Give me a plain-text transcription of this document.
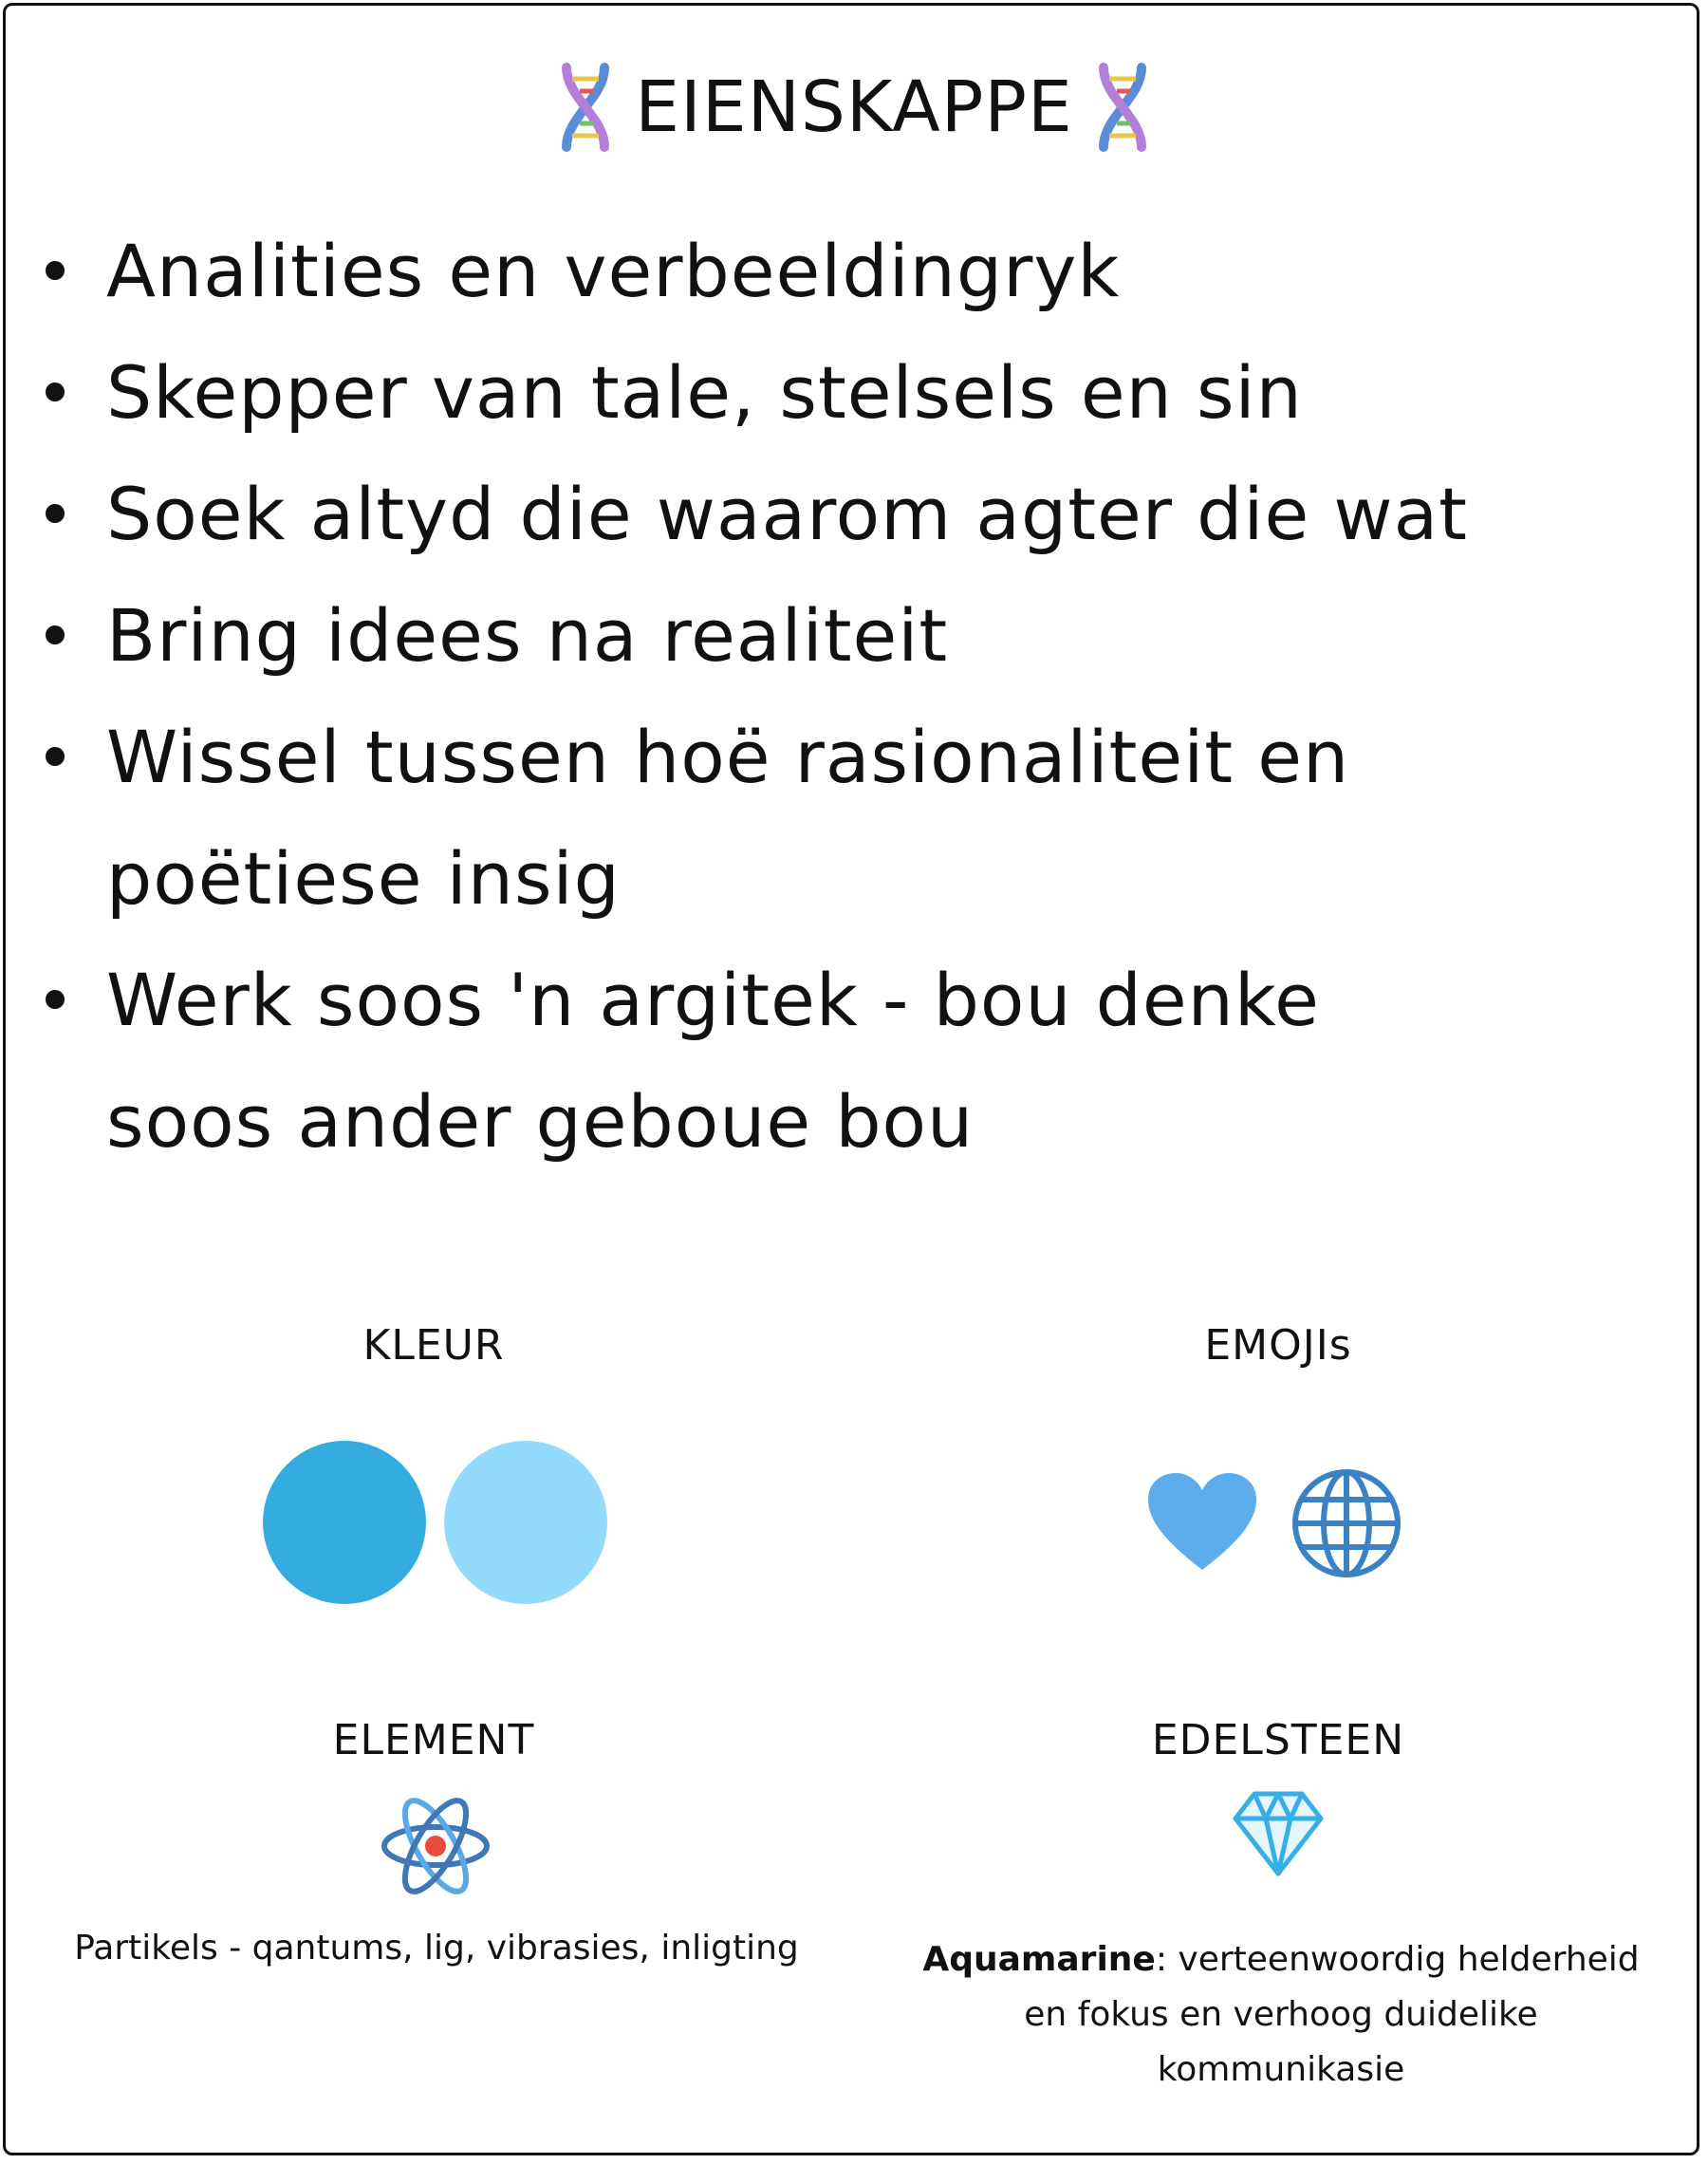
EIENSKAPPE
Analities en verbeeldingryk
Skepper van tale, stelsels en sin
Soek altyd die waarom agter die wat
Bring idees na realiteit
Wissel tussen hoë rasionaliteit en
poëtiese insig
Werk soos 'n argitek - bou denke
soos ander geboue bou
KLEUR	EMOJIs
ELEMENT
Partikels - qantums, lig, vibrasies, inligting
EDELSTEEN
Aquamarine: verteenwoordig helderheid
en fokus en verhoog duidelike
kommunikasie
